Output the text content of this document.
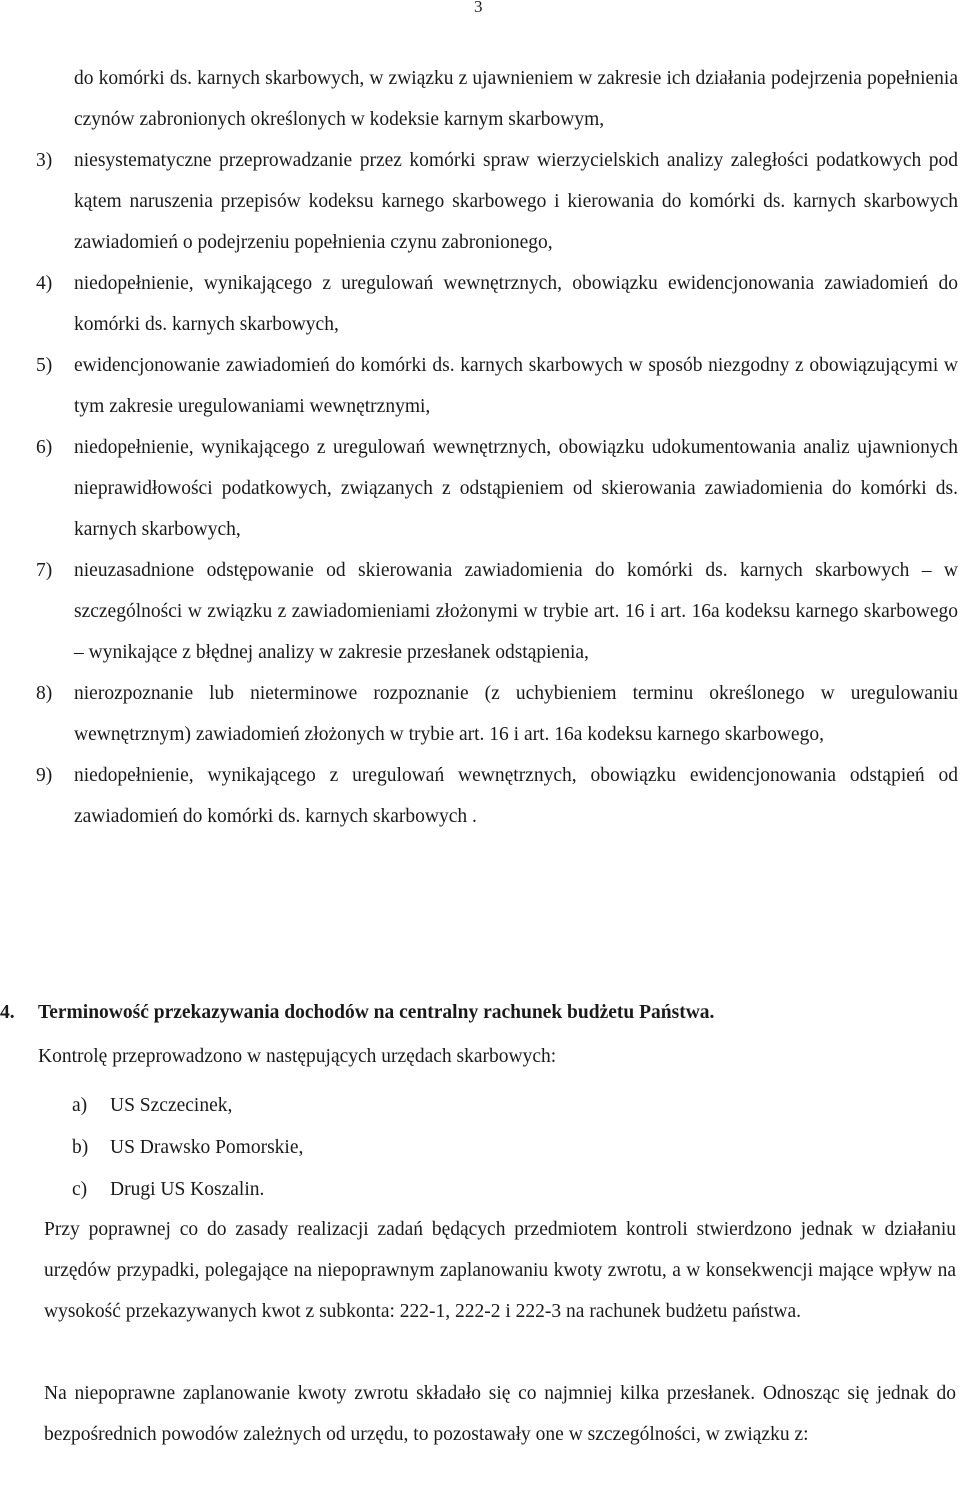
3
do komórki ds. karnych skarbowych, w związku z ujawnieniem w zakresie ich działania podejrzenia popełnienia czynów zabronionych określonych w kodeksie karnym skarbowym,
3) niesystematyczne przeprowadzanie przez komórki spraw wierzycielskich analizy zaległości podatkowych pod kątem naruszenia przepisów kodeksu karnego skarbowego i kierowania do komórki ds. karnych skarbowych zawiadomień o podejrzeniu popełnienia czynu zabronionego,
4) niedopełnienie, wynikającego z uregulowań wewnętrznych, obowiązku ewidencjonowania zawiadomień do komórki ds. karnych skarbowych,
5) ewidencjonowanie zawiadomień do komórki ds. karnych skarbowych w sposób niezgodny z obowiązującymi w tym zakresie uregulowaniami wewnętrznymi,
6) niedopełnienie, wynikającego z uregulowań wewnętrznych, obowiązku udokumentowania analiz ujawnionych nieprawidłowości podatkowych, związanych z odstąpieniem od skierowania zawiadomienia do komórki ds. karnych skarbowych,
7) nieuzasadnione odstępowanie od skierowania zawiadomienia do komórki ds. karnych skarbowych – w szczególności w związku z zawiadomieniami złożonymi w trybie art. 16 i art. 16a kodeksu karnego skarbowego – wynikające z błędnej analizy w zakresie przesłanek odstąpienia,
8) nierozpoznanie lub nieterminowe rozpoznanie (z uchybieniem terminu określonego w uregulowaniu wewnętrznym) zawiadomień złożonych w trybie art. 16 i art. 16a kodeksu karnego skarbowego,
9) niedopełnienie, wynikającego z uregulowań wewnętrznych, obowiązku ewidencjonowania odstąpień od zawiadomień do komórki ds. karnych skarbowych .
4. Terminowość przekazywania dochodów na centralny rachunek budżetu Państwa.
Kontrolę przeprowadzono w następujących urzędach skarbowych:
a) US Szczecinek,
b) US Drawsko Pomorskie,
c) Drugi US Koszalin.
Przy poprawnej co do zasady realizacji zadań będących przedmiotem kontroli stwierdzono jednak w działaniu urzędów przypadki, polegające na niepoprawnym zaplanowaniu kwoty zwrotu, a w konsekwencji mające wpływ na wysokość przekazywanych kwot z subkonta: 222-1, 222-2 i 222-3 na rachunek budżetu państwa.
Na niepoprawne zaplanowanie kwoty zwrotu składało się co najmniej kilka przesłanek. Odnosząc się jednak do bezpośrednich powodów zależnych od urzędu, to pozostawały one w szczególności, w związku z:
